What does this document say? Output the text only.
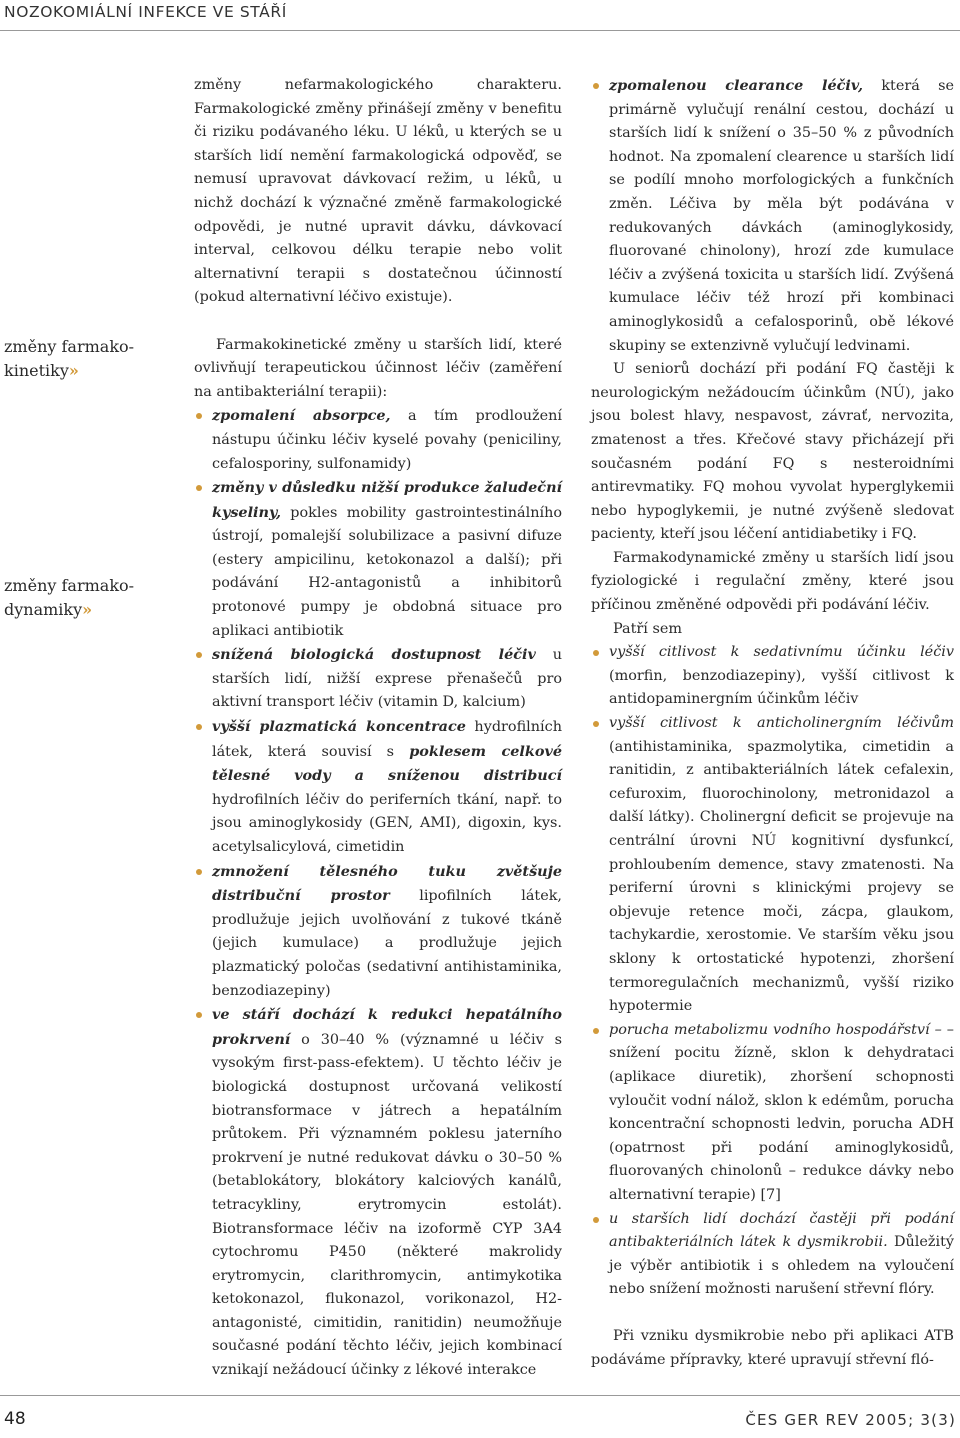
NOZOKOMIÁLNÍ INFEKCE VE STÁŘÍ
změny farmako- kinetiky»
změny farmako- dynamiky»

změny nefarmakologického charakteru. Farmakologické změny přinášejí změny v benefitu či riziku podávaného léku. U léků, u kterých se u starších lidí nemění farmakologická odpověď, se nemusí upravovat dávkovací režim, u léků, u nichž dochází k význačné změně farmakologické odpovědi, je nutné upravit dávku, dávkovací interval, celkovou délku terapie nebo volit alternativní terapii s dostatečnou účinností (pokud alternativní léčivo existuje).

Farmakokinetické změny u starších lidí, které ovlivňují terapeutickou účinnost léčiv (zaměření na antibakteriální terapii):

zpomalení absorpce, a tím prodloužení nástupu účinku léčiv kyselé povahy (peniciliny, cefalosporiny, sulfonamidy)
změny v důsledku nižší produkce žaludeční kyseliny, pokles mobility gastrointestinálního ústrojí, pomalejší solubilizace a pasivní difuze (estery ampicilinu, ketokonazol a další); při podávání H2-antagonistů a inhibitorů protonové pumpy je obdobná situace pro aplikaci antibiotik
snížená biologická dostupnost léčiv u starších lidí, nižší exprese přenašečů pro aktivní transport léčiv (vitamin D, kalcium)
vyšší plazmatická koncentrace hydrofilních látek, která souvisí s poklesem celkové tělesné vody a sníženou distribucí hydrofilních léčiv do periferních tkání, např. to jsou aminoglykosidy (GEN, AMI), digoxin, kys. acetylsalicylová, cimetidin
zmnožení tělesného tuku zvětšuje distribuční prostor lipofilních látek, prodlužuje jejich uvolňování z tukové tkáně (jejich kumulace) a prodlužuje jejich plazmatický poločas (sedativní antihistaminika, benzodiazepiny)
ve stáří dochází k redukci hepatálního prokrvení o 30–40 % (významné u léčiv s vysokým first-pass-efektem). U těchto léčiv je biologická dostupnost určovaná velikostí biotransformace v játrech a hepatálním průtokem. Při významném poklesu jaterního prokrvení je nutné redukovat dávku o 30–50 % (betablokátory, blokátory kalciových kanálů, tetracykliny, erytromycin estolát). Biotransformace léčiv na izoformě CYP 3A4 cytochromu P450 (některé makrolidy erytromycin, clarithromycin, antimykotika ketokonazol, flukonazol, vorikonazol, H2-antagonisté, cimitidin, ranitidin) neumožňuje současné podání těchto léčiv, jejich kombinací vznikají nežádoucí účinky z lékové interakce
zpomalenou clearance léčiv, která se primárně vylučují renální cestou, dochází u starších lidí k snížení o 35–50 % z původních hodnot. Na zpomalení clearence u starších lidí se podílí mnoho morfologických a funkčních změn. Léčiva by měla být podávána v redukovaných dávkách (aminoglykosidy, fluorované chinolony), hrozí zde kumulace léčiv a zvýšená toxicita u starších lidí. Zvýšená kumulace léčiv též hrozí při kombinaci aminoglykosidů a cefalosporinů, obě lékové skupiny se extenzivně vylučují ledvinami.

U seniorů dochází při podání FQ častěji k neurologickým nežádoucím účinkům (NÚ), jako jsou bolest hlavy, nespavost, závrať, nervozita, zmatenost a třes. Křečové stavy přicházejí při současném podání FQ s nesteroidními antirevmatiky. FQ mohou vyvolat hyperglykemii nebo hypoglykemii, je nutné zvýšeně sledovat pacienty, kteří jsou léčení antidiabetiky i FQ.

Farmakodynamické změny u starších lidí jsou fyziologické i regulační změny, které jsou příčinou změněné odpovědi při podávání léčiv.

Patří sem

vyšší citlivost k sedativnímu účinku léčiv (morfin, benzodiazepiny), vyšší citlivost k antidopaminergním účinkům léčiv
vyšší citlivost k anticholinergním léčivům (antihistaminika, spazmolytika, cimetidin a ranitidin, z antibakteriálních látek cefalexin, cefuroxim, fluorochinolony, metronidazol a další látky). Cholinergní deficit se projevuje na centrální úrovni NÚ kognitivní dysfunkcí, prohloubením demence, stavy zmatenosti. Na periferní úrovni s klinickými projevy se objevuje retence moči, zácpa, glaukom, tachykardie, xerostomie. Ve starším věku jsou sklony k ortostatické hypotenzi, zhoršení termoregulačních mechanizmů, vyšší riziko hypotermie
porucha metabolizmu vodního hospodářství – – snížení pocitu žízně, sklon k dehydrataci (aplikace diuretik), zhoršení schopnosti vyloučit vodní nálož, sklon k edémům, porucha koncentrační schopnosti ledvin, porucha ADH (opatrnost při podání aminoglykosidů, fluorovaných chinolonů – redukce dávky nebo alternativní terapie) [7]
u starších lidí dochází častěji při podání antibakteriálních látek k dysmikrobii. Důležitý je výběr antibiotik i s ohledem na vyloučení nebo snížení možnosti narušení střevní flóry.

Při vzniku dysmikrobie nebo při aplikaci ATB podáváme přípravky, které upravují střevní fló-

48	ČES GER REV 2005; 3(3)
